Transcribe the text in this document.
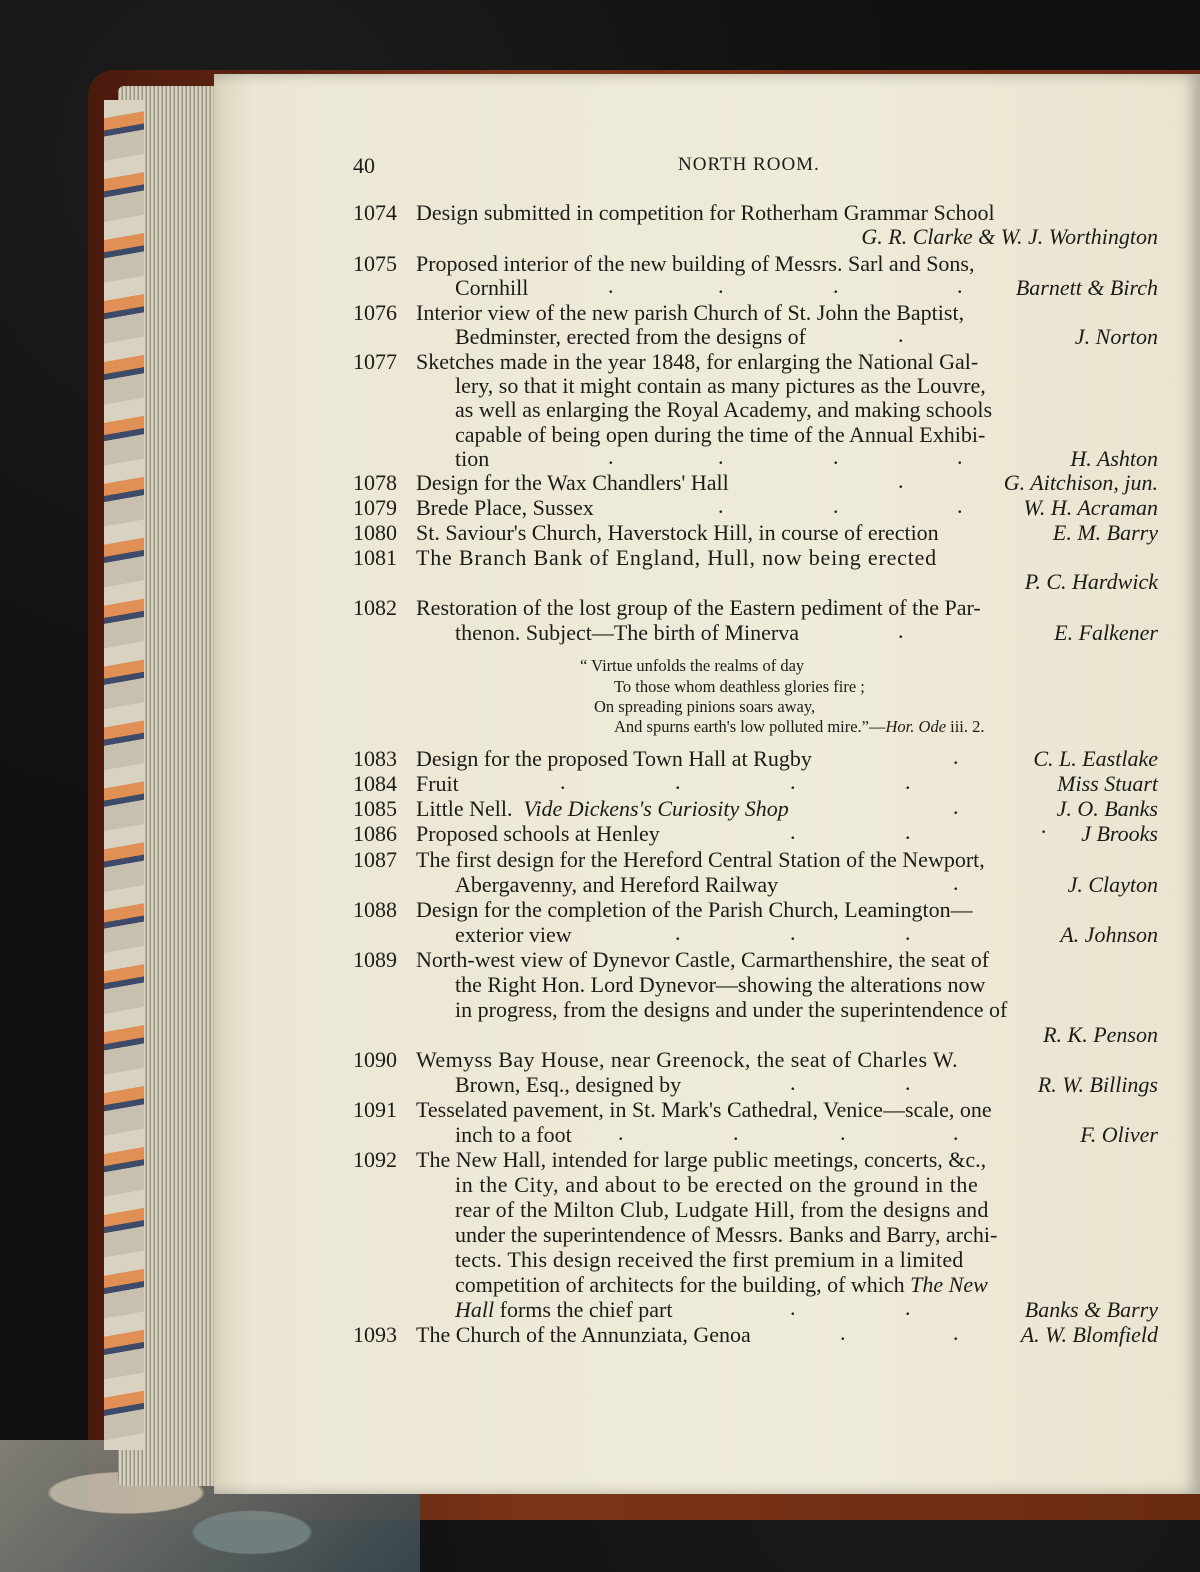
40	NORTH ROOM.
1074 Design submitted in competition for Rotherham Grammar School
G. R. Clarke & W. J. Worthington
1075 Proposed interior of the new building of Messrs. Sarl and Sons,
Cornhill	.	.	.	. Barnett & Birch
1076 Interior view of the new parish Church of St. John the Baptist,
Bedminster, erected from the designs of	.	J. Norton
1077 Sketches made in the year 1848, for enlarging the National Gal-
lery, so that it might contain as many pictures as the Louvre,
as well as enlarging the Royal Academy, and making schools
capable of being open during the time of the Annual Exhibi-
tion	.	.	.	.	H. Ashton
1078 Design for the Wax Chandlers' Hall	.	G. Aitchison, jun.
1079 Brede Place, Sussex	.	.	.	W. H. Acraman
1080 St. Saviour's Church, Haverstock Hill, in course of erection	E. M. Barry
1081 The Branch Bank of England, Hull, now being erected
P. C. Hardwick
1082 Restoration of the lost group of the Eastern pediment of the Par-
thenon. Subject—The birth of Minerva	.	E. Falkener
“ Virtue unfolds the realms of day
To those whom deathless glories fire ;
On spreading pinions soars away,
And spurns earth's low polluted mire.”—Hor. Ode iii. 2.
1083 Design for the proposed Town Hall at Rugby	.	C. L. Eastlake
1084 Fruit	.	.	.	.	Miss Stuart
1085 Little Nell. Vide Dickens's Curiosity Shop	.	J. O. Banks
1086 Proposed schools at Henley	.	.	· J Brooks
1087 The first design for the Hereford Central Station of the Newport,
Abergavenny, and Hereford Railway	.	J. Clayton
1088 Design for the completion of the Parish Church, Leamington—
exterior view	.	.	.	A. Johnson
1089 North-west view of Dynevor Castle, Carmarthenshire, the seat of
the Right Hon. Lord Dynevor—showing the alterations now
in progress, from the designs and under the superintendence of
R. K. Penson
1090 Wemyss Bay House, near Greenock, the seat of Charles W.
Brown, Esq., designed by	.	.	R. W. Billings
1091 Tesselated pavement, in St. Mark's Cathedral, Venice—scale, one
inch to a foot .	.	.	.	F. Oliver
1092 The New Hall, intended for large public meetings, concerts, &c.,
in the City, and about to be erected on the ground in the
rear of the Milton Club, Ludgate Hill, from the designs and
under the superintendence of Messrs. Banks and Barry, archi-
tects. This design received the first premium in a limited
competition of architects for the building, of which The New
Hall forms the chief part	.	.	Banks & Barry
1093 The Church of the Annunziata, Genoa	.	.	A. W. Blomfield
